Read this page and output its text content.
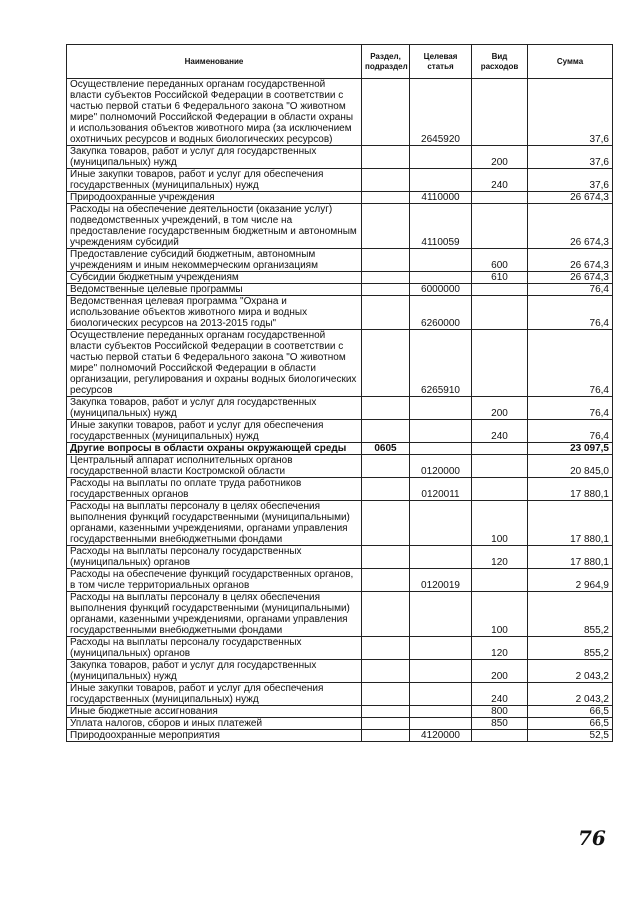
Наименование	Раздел, подраздел	Целевая статья	Вид расходов	Сумма
Осуществление переданных органам государственной власти субъектов Российской Федерации в соответствии с частью первой статьи 6 Федерального закона "О животном мире" полномочий Российской Федерации в области охраны и использования объектов животного мира (за исключением охотничьих ресурсов и водных биологических ресурсов)		2645920		37,6
Закупка товаров, работ и услуг для государственных (муниципальных) нужд			200	37,6
Иные закупки товаров, работ и услуг для обеспечения государственных (муниципальных) нужд			240	37,6
Природоохранные учреждения		4110000		26 674,3
Расходы на обеспечение деятельности (оказание услуг) подведомственных учреждений, в том числе на предоставление государственным бюджетным и автономным учреждениям субсидий		4110059		26 674,3
Предоставление субсидий бюджетным, автономным учреждениям и иным некоммерческим организациям			600	26 674,3
Субсидии бюджетным учреждениям			610	26 674,3
Ведомственные целевые программы		6000000		76,4
Ведомственная целевая программа "Охрана и использование объектов животного мира и водных биологических ресурсов на 2013-2015 годы"		6260000		76,4
Осуществление переданных органам государственной власти субъектов Российской Федерации в соответствии с частью первой статьи 6 Федерального закона "О животном мире" полномочий Российской Федерации в области организации, регулирования и охраны водных биологических ресурсов		6265910		76,4
Закупка товаров, работ и услуг для государственных (муниципальных) нужд			200	76,4
Иные закупки товаров, работ и услуг для обеспечения государственных (муниципальных) нужд			240	76,4
Другие вопросы в области охраны окружающей среды	0605			23 097,5
Центральный аппарат исполнительных органов государственной власти Костромской области		0120000		20 845,0
Расходы на выплаты по оплате труда работников государственных органов		0120011		17 880,1
Расходы на выплаты персоналу в целях обеспечения выполнения функций государственными (муниципальными) органами, казенными учреждениями, органами управления государственными внебюджетными фондами			100	17 880,1
Расходы на выплаты персоналу государственных (муниципальных) органов			120	17 880,1
Расходы на обеспечение функций государственных органов, в том числе территориальных органов		0120019		2 964,9
Расходы на выплаты персоналу в целях обеспечения выполнения функций государственными (муниципальными) органами, казенными учреждениями, органами управления государственными внебюджетными фондами			100	855,2
Расходы на выплаты персоналу государственных (муниципальных) органов			120	855,2
Закупка товаров, работ и услуг для государственных (муниципальных) нужд			200	2 043,2
Иные закупки товаров, работ и услуг для обеспечения государственных (муниципальных) нужд			240	2 043,2
Иные бюджетные ассигнования			800	66,5
Уплата налогов, сборов и иных платежей			850	66,5
Природоохранные мероприятия		4120000		52,5
76
